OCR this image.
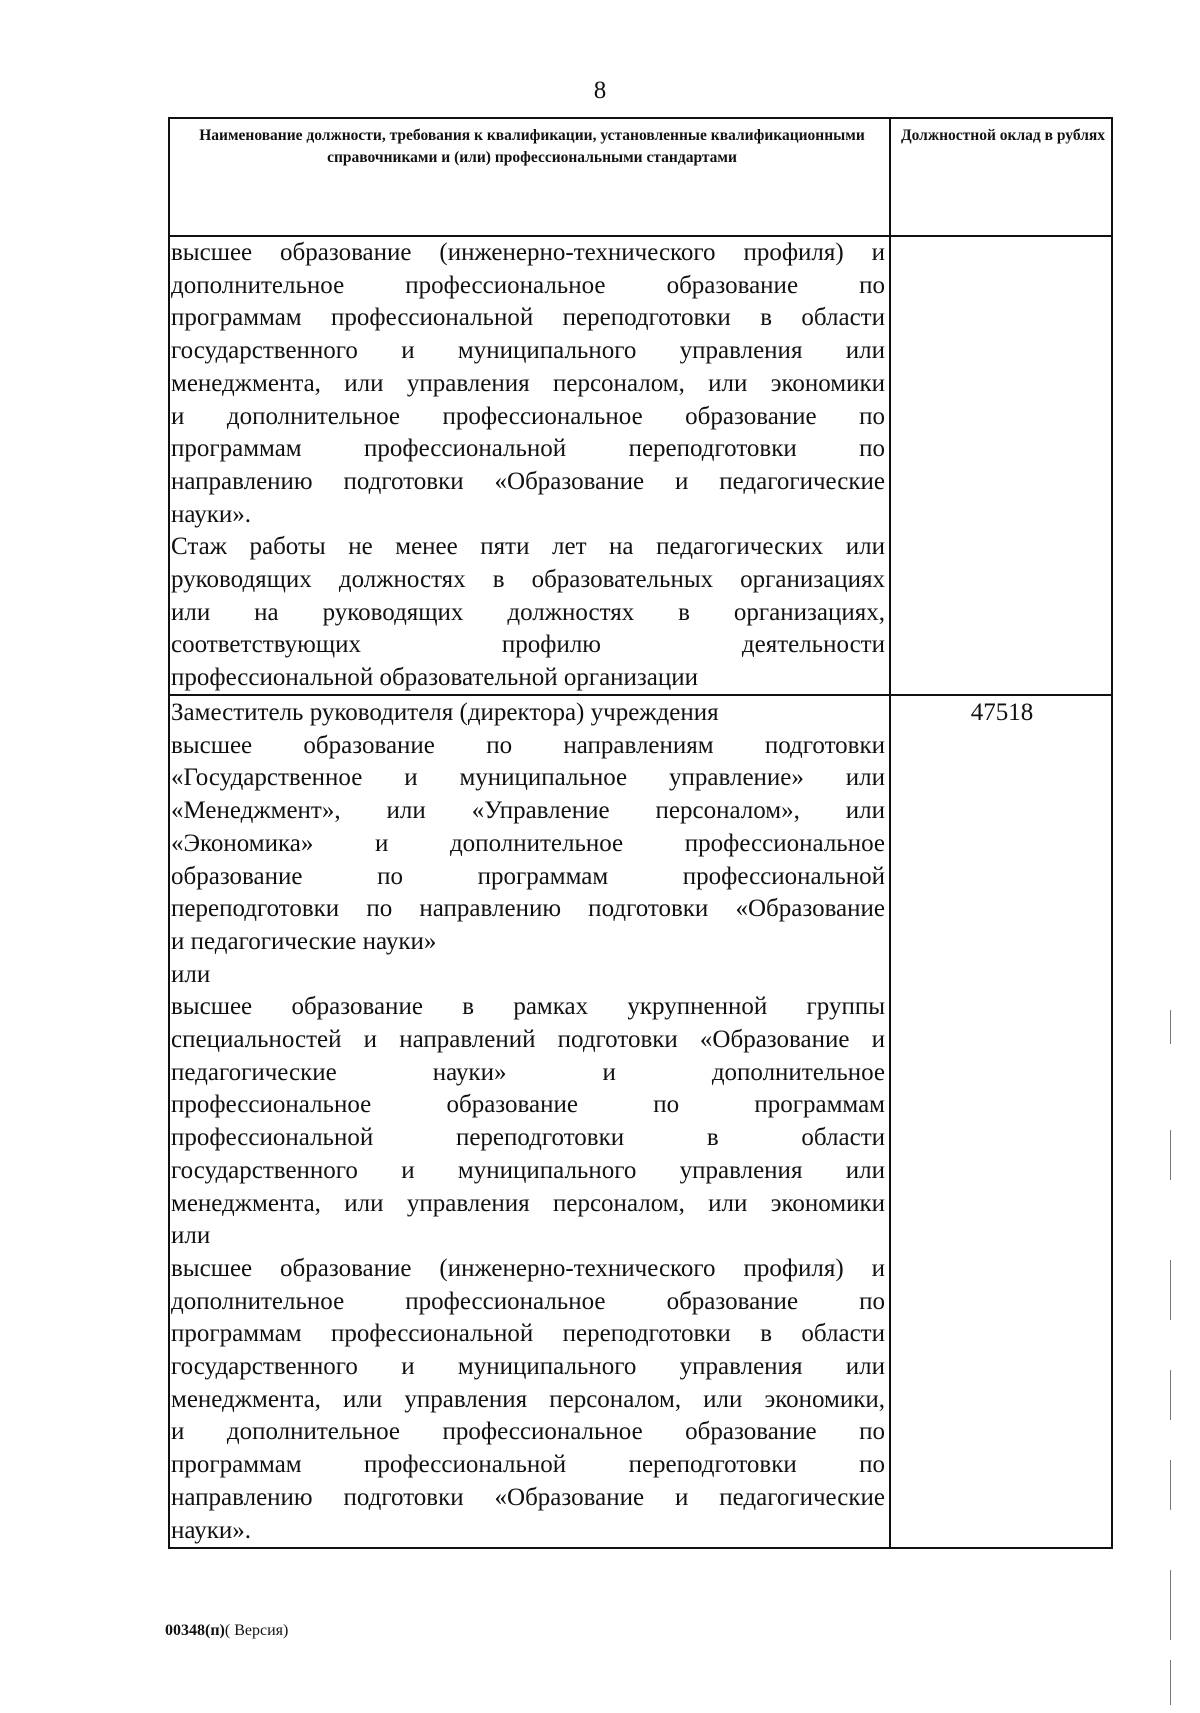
8
Наименование должности, требования к квалификации, установленные квалификационными справочниками и (или) профессиональными стандартами
Должностной оклад в рублях
высшее образование (инженерно-технического профиля) и
дополнительное профессиональное образование по
программам профессиональной переподготовки в области
государственного и муниципального управления или
менеджмента, или управления персоналом, или экономики
и дополнительное профессиональное образование по
программам профессиональной переподготовки по
направлению подготовки «Образование и педагогические
науки».
Стаж работы не менее пяти лет на педагогических или
руководящих должностях в образовательных организациях
или на руководящих должностях в организациях,
соответствующих профилю деятельности
профессиональной образовательной организации
Заместитель руководителя (директора) учреждения
высшее образование по направлениям подготовки
«Государственное и муниципальное управление» или
«Менеджмент», или «Управление персоналом», или
«Экономика» и дополнительное профессиональное
образование по программам профессиональной
переподготовки по направлению подготовки «Образование
и педагогические науки»
или
высшее образование в рамках укрупненной группы
специальностей и направлений подготовки «Образование и
педагогические науки» и дополнительное
профессиональное образование по программам
профессиональной переподготовки в области
государственного и муниципального управления или
менеджмента, или управления персоналом, или экономики
или
высшее образование (инженерно-технического профиля) и
дополнительное профессиональное образование по
программам профессиональной переподготовки в области
государственного и муниципального управления или
менеджмента, или управления персоналом, или экономики,
и дополнительное профессиональное образование по
программам профессиональной переподготовки по
направлению подготовки «Образование и педагогические
науки».
47518
00348(п)( Версия)
